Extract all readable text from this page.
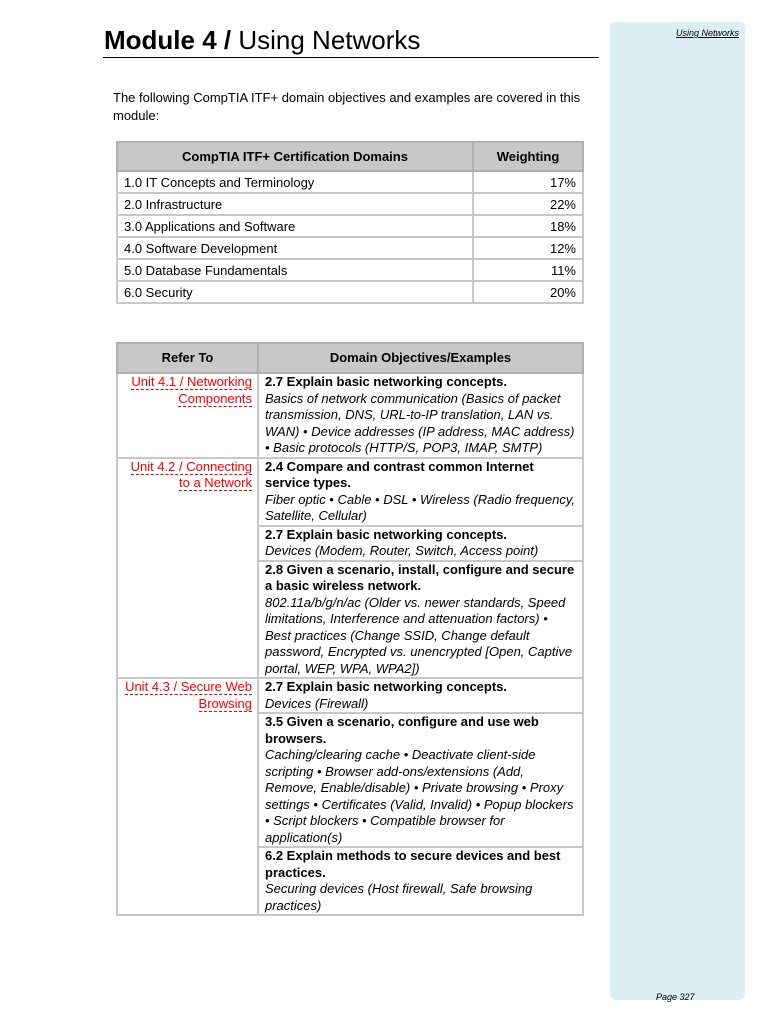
Using Networks
Page 327
Module 4 / Using Networks
The following CompTIA ITF+ domain objectives and examples are covered in this module:
CompTIA ITF+ Certification Domains	Weighting
1.0 IT Concepts and Terminology	17%
2.0 Infrastructure	22%
3.0 Applications and Software	18%
4.0 Software Development	12%
5.0 Database Fundamentals	11%
6.0 Security	20%
Refer To	Domain Objectives/Examples
Unit 4.1 / Networking Components	2.7 Explain basic networking concepts.
Basics of network communication (Basics of packet transmission, DNS, URL-to-IP translation, LAN vs. WAN) • Device addresses (IP address, MAC address) • Basic protocols (HTTP/S, POP3, IMAP, SMTP)

Unit 4.2 / Connecting to a Network	2.4 Compare and contrast common Internet service types.
Fiber optic • Cable • DSL • Wireless (Radio frequency, Satellite, Cellular)

	2.7 Explain basic networking concepts.
Devices (Modem, Router, Switch, Access point)

	2.8 Given a scenario, install, configure and secure a basic wireless network.
802.11a/b/g/n/ac (Older vs. newer standards, Speed limitations, Interference and attenuation factors) • Best practices (Change SSID, Change default password, Encrypted vs. unencrypted [Open, Captive portal, WEP, WPA, WPA2])

Unit 4.3 / Secure Web Browsing	2.7 Explain basic networking concepts.
Devices (Firewall)

	3.5 Given a scenario, configure and use web browsers.
Caching/clearing cache • Deactivate client-side scripting • Browser add-ons/extensions (Add, Remove, Enable/disable) • Private browsing • Proxy settings • Certificates (Valid, Invalid) • Popup blockers • Script blockers • Compatible browser for application(s)

	6.2 Explain methods to secure devices and best practices.
Securing devices (Host firewall, Safe browsing practices)
